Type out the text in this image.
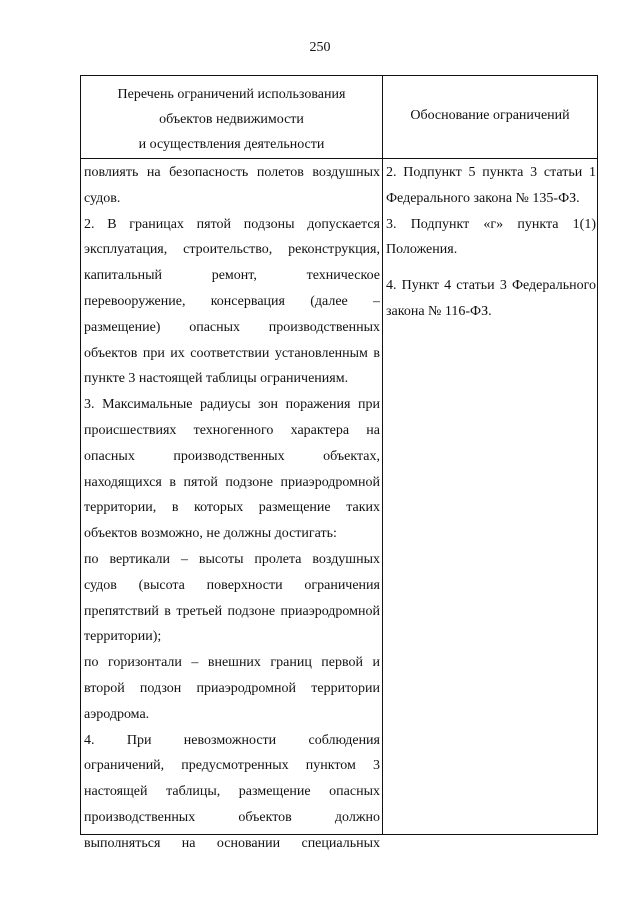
250
Перечень ограничений использования
объектов недвижимости
и осуществления деятельности
Обоснование ограничений
повлиять на безопасность полетов воздушных
судов.
2. В границах пятой подзоны допускается
эксплуатация, строительство, реконструкция,
капитальный ремонт, техническое
перевооружение, консервация (далее –
размещение) опасных производственных
объектов при их соответствии установленным в
пункте 3 настоящей таблицы ограничениям.
3. Максимальные радиусы зон поражения при
происшествиях техногенного характера на
опасных производственных объектах,
находящихся в пятой подзоне приаэродромной
территории, в которых размещение таких
объектов возможно, не должны достигать:
по вертикали – высоты пролета воздушных
судов (высота поверхности ограничения
препятствий в третьей подзоне приаэродромной
территории);
по горизонтали – внешних границ первой и
второй подзон приаэродромной территории
аэродрома.
4. При невозможности соблюдения
ограничений, предусмотренных пунктом 3
настоящей таблицы, размещение опасных
производственных объектов должно
выполняться на основании специальных
2. Подпункт 5 пункта 3 статьи 1
Федерального закона № 135-ФЗ.
3. Подпункт «г» пункта 1(1)
Положения.
4. Пункт 4 статьи 3 Федерального
закона № 116-ФЗ.
